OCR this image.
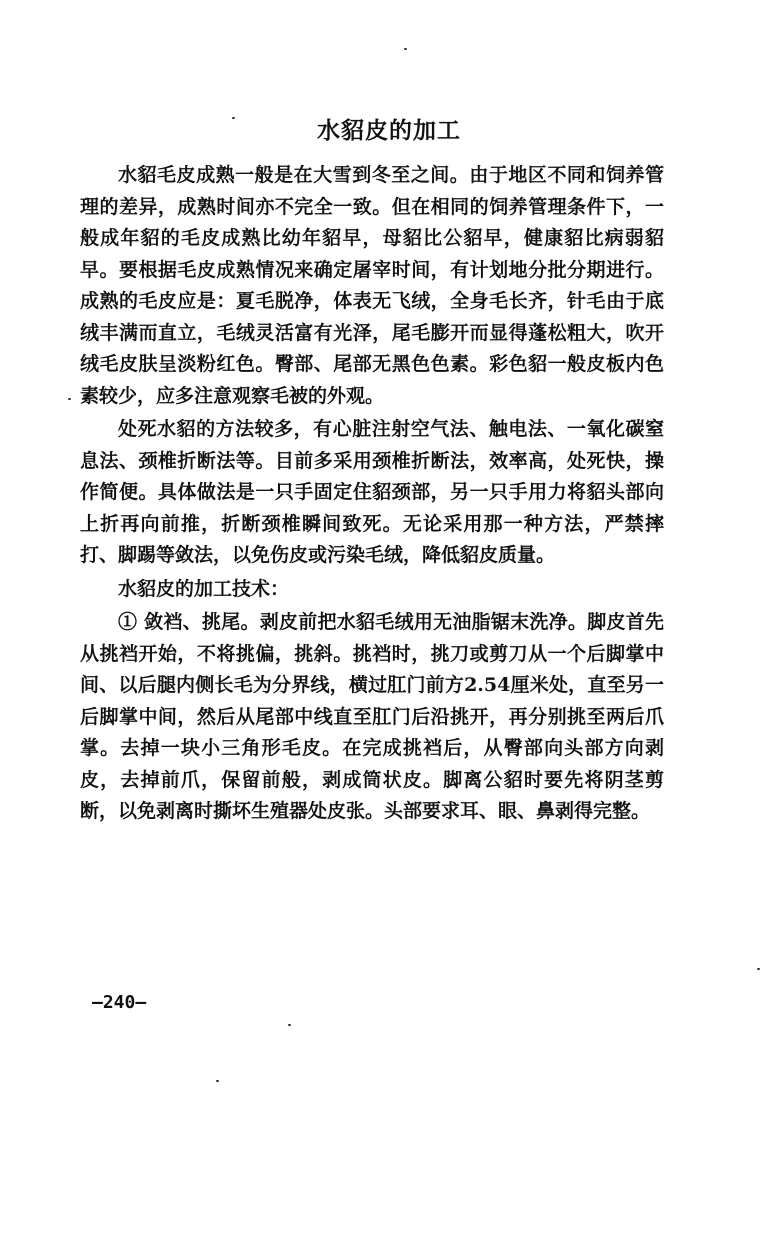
水貂皮的加工

水貂毛皮成熟一般是在大雪到冬至之间。由于地区不同和饲养管理的差异，成熟时间亦不完全一致。但在相同的饲养管理条件下，一般成年貂的毛皮成熟比幼年貂早，母貂比公貂早，健康貂比病弱貂早。要根据毛皮成熟情况来确定屠宰时间，有计划地分批分期进行。成熟的毛皮应是：夏毛脱净，体表无飞绒，全身毛长齐，针毛由于底绒丰满而直立，毛绒灵活富有光泽，尾毛膨开而显得蓬松粗大，吹开绒毛皮肤呈淡粉红色。臀部、尾部无黑色色素。彩色貂一般皮板内色素较少，应多注意观察毛被的外观。

处死水貂的方法较多，有心脏注射空气法、触电法、一氧化碳窒息法、颈椎折断法等。目前多采用颈椎折断法，效率高，处死快，操作简便。具体做法是一只手固定住貂颈部，另一只手用力将貂头部向上折再向前推，折断颈椎瞬间致死。无论采用那一种方法，严禁摔打、脚踢等敛法，以免伤皮或污染毛绒，降低貂皮质量。

水貂皮的加工技术：

① 敛裆、挑尾。剥皮前把水貂毛绒用无油脂锯末洗净。脚皮首先从挑裆开始，不将挑偏，挑斜。挑裆时，挑刀或剪刀从一个后脚掌中间、以后腿内侧长毛为分界线，横过肛门前方2.54厘米处，直至另一后脚掌中间，然后从尾部中线直至肛门后沿挑开，再分别挑至两后爪掌。去掉一块小三角形毛皮。在完成挑裆后，从臀部向头部方向剥皮，去掉前爪，保留前般，剥成筒状皮。脚离公貂时要先将阴茎剪断，以免剥离时撕坏生殖器处皮张。头部要求耳、眼、鼻剥得完整。

—240—
